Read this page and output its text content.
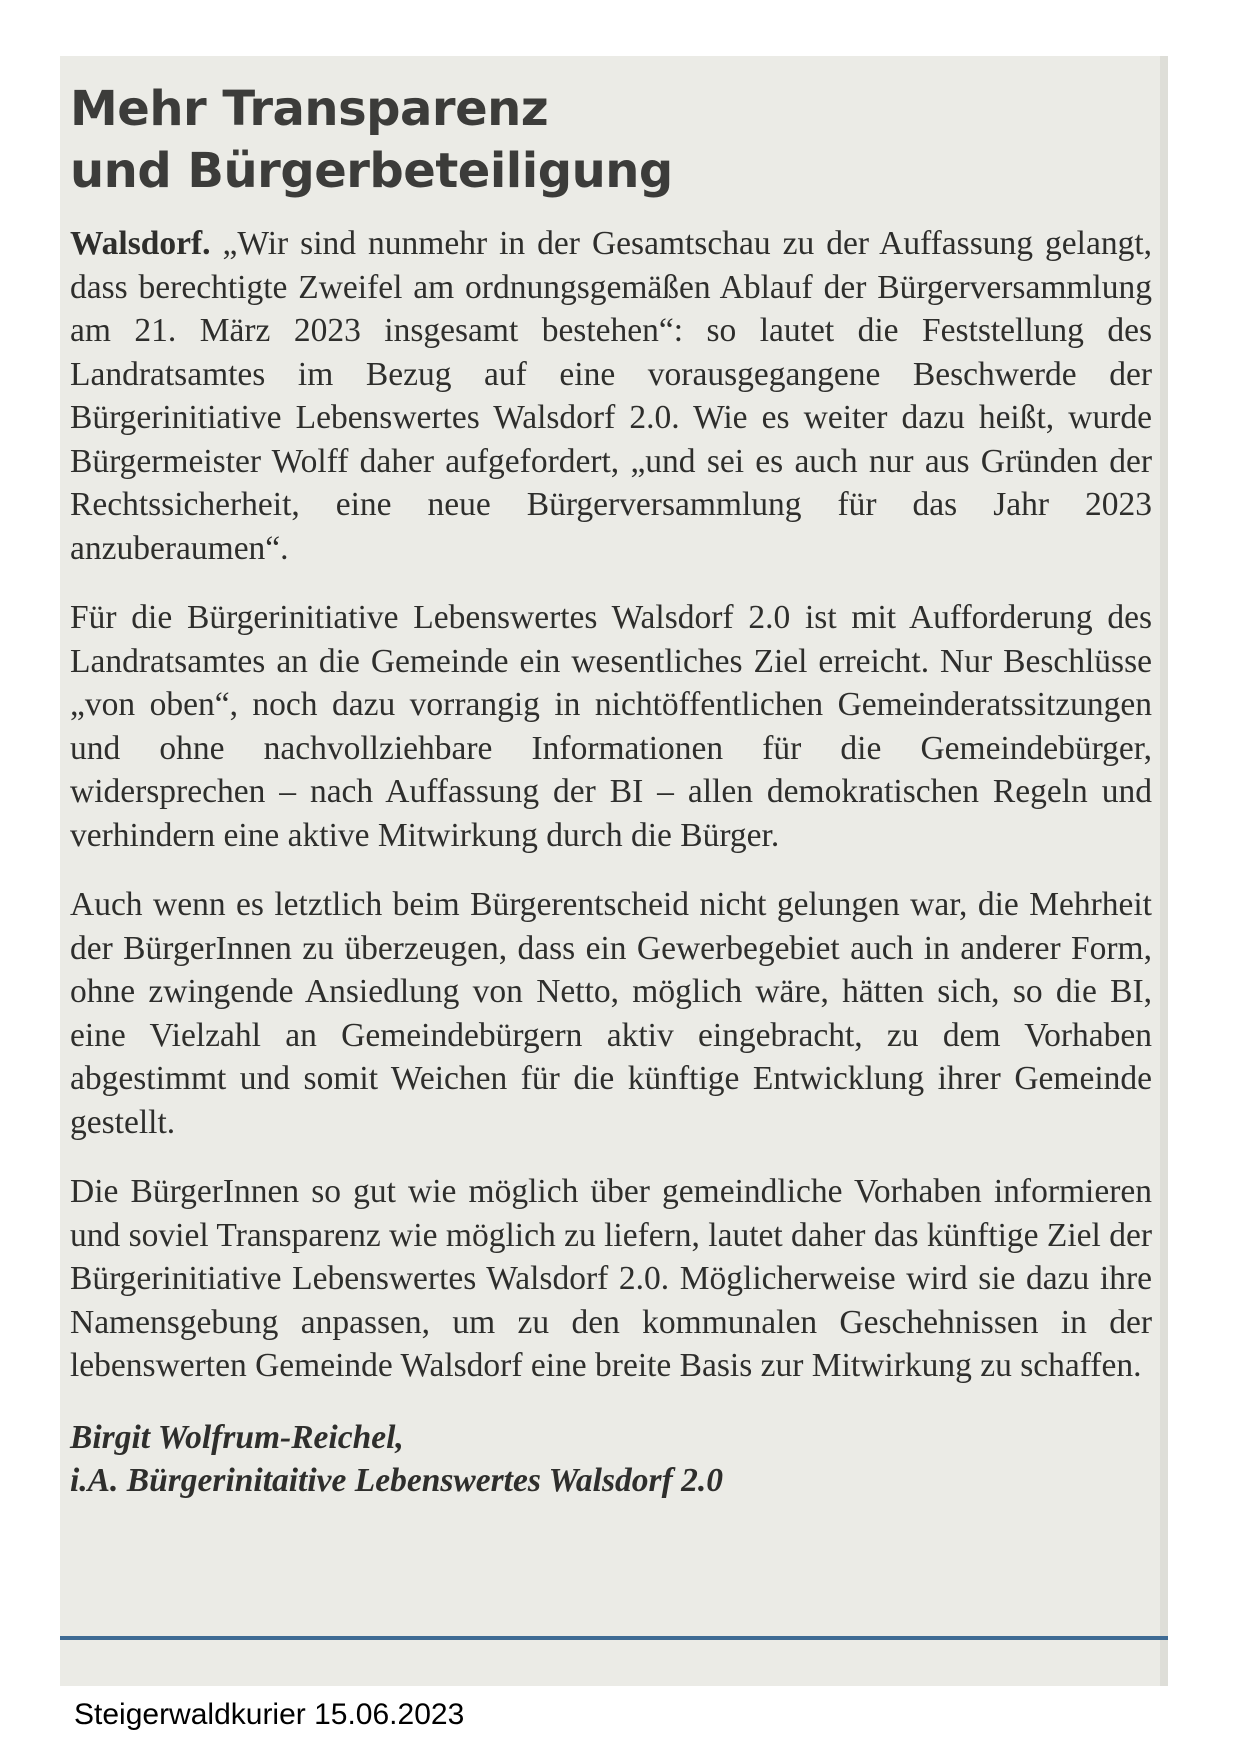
Mehr Transparenz
und Bürgerbeteiligung

Walsdorf. „Wir sind nunmehr in der Gesamtschau zu der Auffassung gelangt, dass berechtigte Zweifel am ordnungsgemäßen Ablauf der Bürgerversammlung am 21. März 2023 insgesamt bestehen“: so lautet die Feststellung des Landratsamtes im Bezug auf eine vorausgegangene Beschwerde der Bürgerinitiative Lebenswertes Walsdorf 2.0. Wie es weiter dazu heißt, wurde Bürgermeister Wolff daher aufgefordert, „und sei es auch nur aus Gründen der Rechtssicherheit, eine neue Bürgerversammlung für das Jahr 2023 anzuberaumen“.

Für die Bürgerinitiative Lebenswertes Walsdorf 2.0 ist mit Aufforderung des Landratsamtes an die Gemeinde ein wesentliches Ziel erreicht. Nur Beschlüsse „von oben“, noch dazu vorrangig in nichtöffentlichen Gemeinderatssitzungen und ohne nachvollziehbare Informationen für die Gemeindebürger, widersprechen – nach Auffassung der BI – allen demokratischen Regeln und verhindern eine aktive Mitwirkung durch die Bürger.

Auch wenn es letztlich beim Bürgerentscheid nicht gelungen war, die Mehrheit der BürgerInnen zu überzeugen, dass ein Gewerbegebiet auch in anderer Form, ohne zwingende Ansiedlung von Netto, möglich wäre, hätten sich, so die BI, eine Vielzahl an Gemeindebürgern aktiv eingebracht, zu dem Vorhaben abgestimmt und somit Weichen für die künftige Entwicklung ihrer Gemeinde gestellt.

Die BürgerInnen so gut wie möglich über gemeindliche Vorhaben informieren und soviel Transparenz wie möglich zu liefern, lautet daher das künftige Ziel der Bürgerinitiative Lebenswertes Walsdorf 2.0. Möglicherweise wird sie dazu ihre Namensgebung anpassen, um zu den kommunalen Geschehnissen in der lebenswerten Gemeinde Walsdorf eine breite Basis zur Mitwirkung zu schaffen.

Birgit Wolfrum-Reichel,
i.A. Bürgerinitaitive Lebenswertes Walsdorf 2.0
Steigerwaldkurier 15.06.2023
